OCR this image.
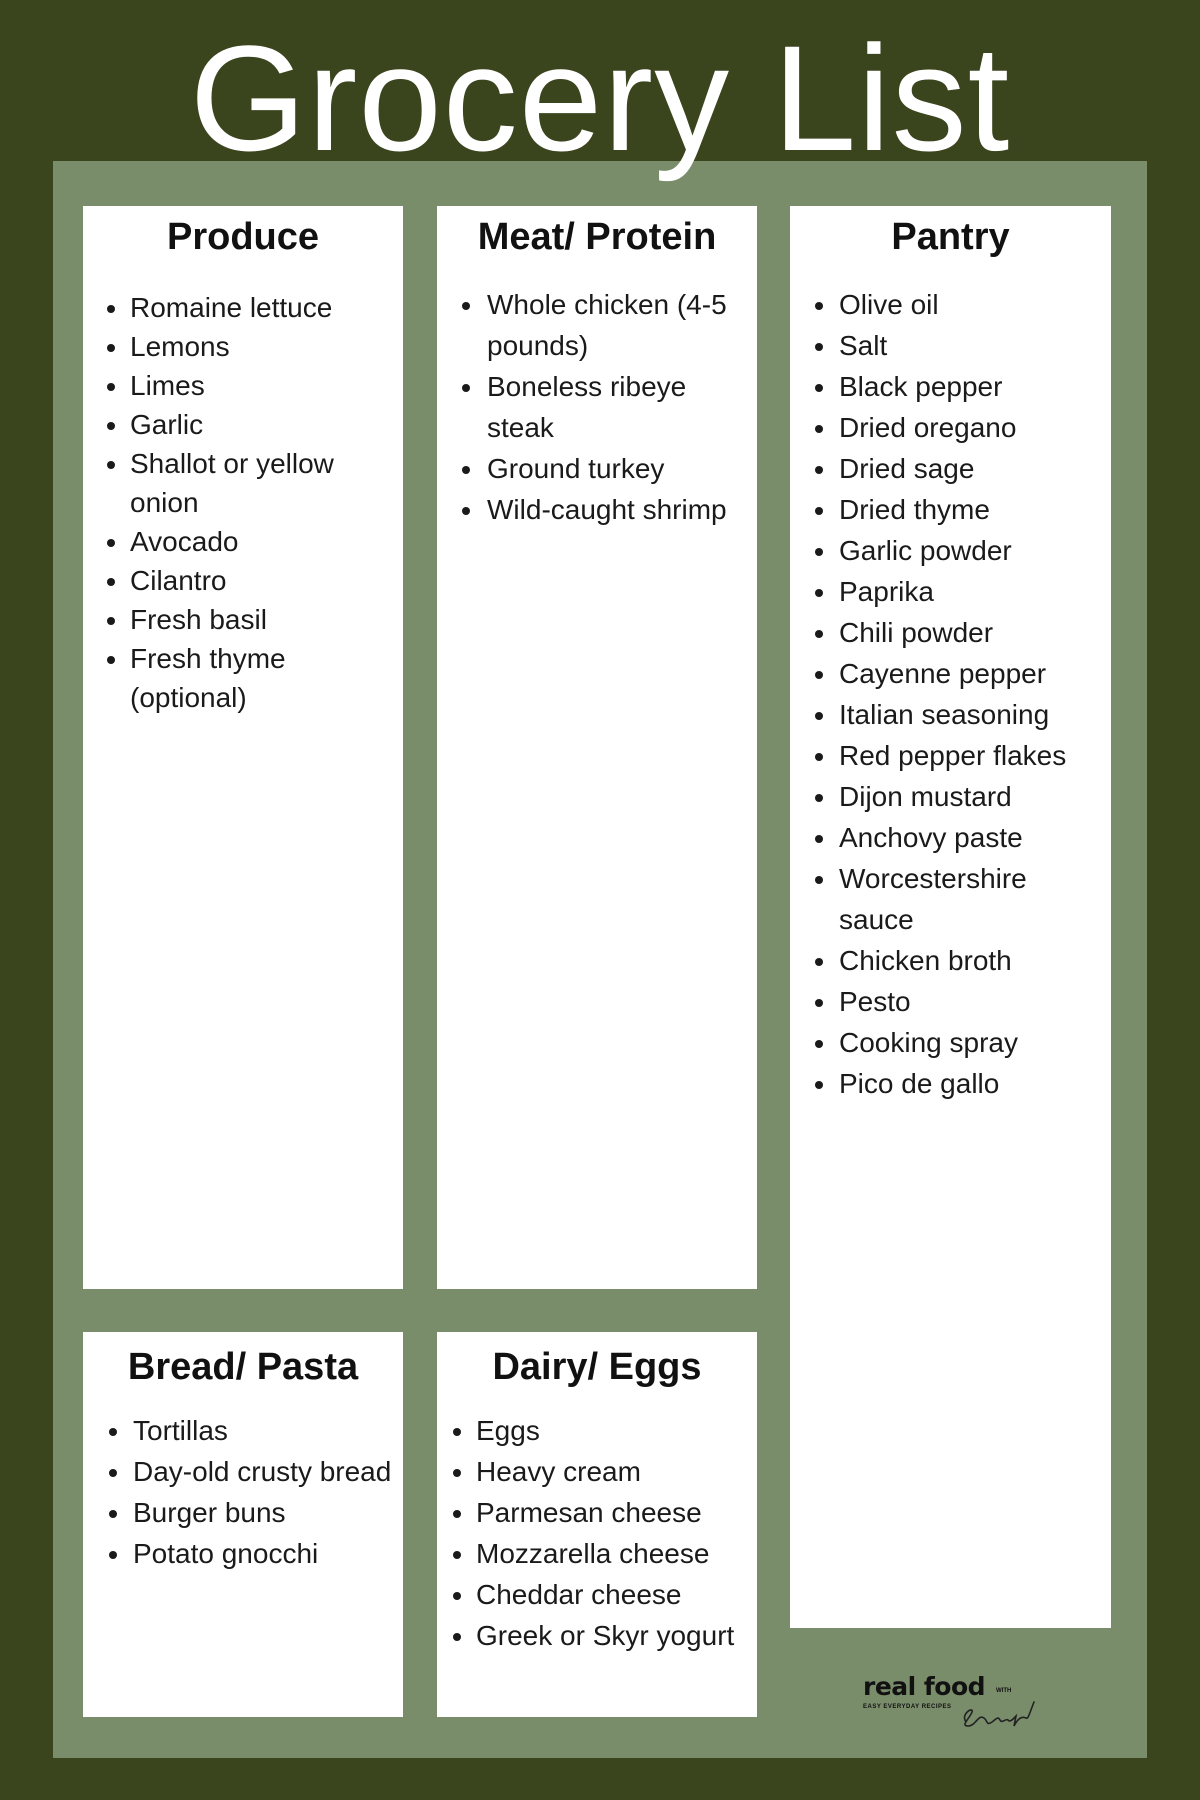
Grocery List
Produce
Romaine lettuce
Lemons
Limes
Garlic
Shallot or yellow onion
Avocado
Cilantro
Fresh basil
Fresh thyme (optional)
Meat/ Protein
Whole chicken (4-5 pounds)
Boneless ribeye steak
Ground turkey
Wild-caught shrimp
Pantry
Olive oil
Salt
Black pepper
Dried oregano
Dried sage
Dried thyme
Garlic powder
Paprika
Chili powder
Cayenne pepper
Italian seasoning
Red pepper flakes
Dijon mustard
Anchovy paste
Worcestershire sauce
Chicken broth
Pesto
Cooking spray
Pico de gallo
Bread/ Pasta
Tortillas
Day-old crusty bread
Burger buns
Potato gnocchi
Dairy/ Eggs
Eggs
Heavy cream
Parmesan cheese
Mozzarella cheese
Cheddar cheese
Greek or Skyr yogurt
real food WITH
EASY EVERYDAY RECIPES
